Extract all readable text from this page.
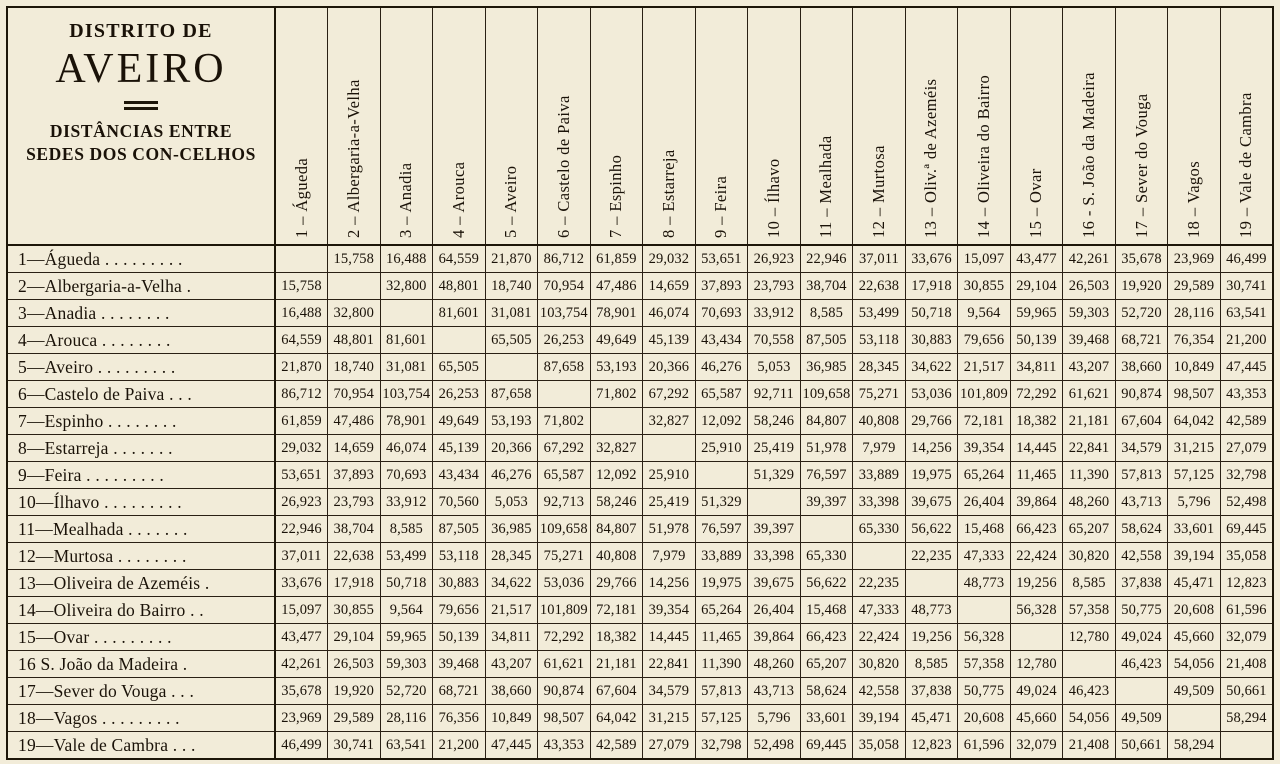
DISTRITO DE
AVEIRO
DISTÂNCIAS ENTRE SEDES DOS CON-CELHOS	1 – Águeda	2 – Albergaria-a-Velha	3 – Anadia	4 – Arouca	5 – Aveiro	6 – Castelo de Paiva	7 – Espinho	8 – Estarreja	9 – Feira	10 – Ílhavo	11 – Mealhada	12 – Murtosa	13 – Oliv.ª de Azeméis	14 – Oliveira do Bairro	15 – Ovar	16 - S. João da Madeira	17 – Sever do Vouga	18 – Vagos	19 – Vale de Cambra

1—Águeda . . . . . . . . .		15,758	16,488	64,559	21,870	86,712	61,859	29,032	53,651	26,923	22,946	37,011	33,676	15,097	43,477	42,261	35,678	23,969	46,499

2—Albergaria-a-Velha .	15,758		32,800	48,801	18,740	70,954	47,486	14,659	37,893	23,793	38,704	22,638	17,918	30,855	29,104	26,503	19,920	29,589	30,741

3—Anadia . . . . . . . .	16,488	32,800		81,601	31,081	103,754	78,901	46,074	70,693	33,912	8,585	53,499	50,718	9,564	59,965	59,303	52,720	28,116	63,541

4—Arouca . . . . . . . .	64,559	48,801	81,601		65,505	26,253	49,649	45,139	43,434	70,558	87,505	53,118	30,883	79,656	50,139	39,468	68,721	76,354	21,200

5—Aveiro . . . . . . . . .	21,870	18,740	31,081	65,505		87,658	53,193	20,366	46,276	5,053	36,985	28,345	34,622	21,517	34,811	43,207	38,660	10,849	47,445

6—Castelo de Paiva . . .	86,712	70,954	103,754	26,253	87,658		71,802	67,292	65,587	92,711	109,658	75,271	53,036	101,809	72,292	61,621	90,874	98,507	43,353

7—Espinho . . . . . . . .	61,859	47,486	78,901	49,649	53,193	71,802		32,827	12,092	58,246	84,807	40,808	29,766	72,181	18,382	21,181	67,604	64,042	42,589

8—Estarreja . . . . . . .	29,032	14,659	46,074	45,139	20,366	67,292	32,827		25,910	25,419	51,978	7,979	14,256	39,354	14,445	22,841	34,579	31,215	27,079

9—Feira . . . . . . . . .	53,651	37,893	70,693	43,434	46,276	65,587	12,092	25,910		51,329	76,597	33,889	19,975	65,264	11,465	11,390	57,813	57,125	32,798

10—Ílhavo . . . . . . . . .	26,923	23,793	33,912	70,560	5,053	92,713	58,246	25,419	51,329		39,397	33,398	39,675	26,404	39,864	48,260	43,713	5,796	52,498

11—Mealhada . . . . . . .	22,946	38,704	8,585	87,505	36,985	109,658	84,807	51,978	76,597	39,397		65,330	56,622	15,468	66,423	65,207	58,624	33,601	69,445

12—Murtosa . . . . . . . .	37,011	22,638	53,499	53,118	28,345	75,271	40,808	7,979	33,889	33,398	65,330		22,235	47,333	22,424	30,820	42,558	39,194	35,058

13—Oliveira de Azeméis .	33,676	17,918	50,718	30,883	34,622	53,036	29,766	14,256	19,975	39,675	56,622	22,235		48,773	19,256	8,585	37,838	45,471	12,823

14—Oliveira do Bairro . .	15,097	30,855	9,564	79,656	21,517	101,809	72,181	39,354	65,264	26,404	15,468	47,333	48,773		56,328	57,358	50,775	20,608	61,596

15—Ovar . . . . . . . . .	43,477	29,104	59,965	50,139	34,811	72,292	18,382	14,445	11,465	39,864	66,423	22,424	19,256	56,328		12,780	49,024	45,660	32,079

16 S. João da Madeira .	42,261	26,503	59,303	39,468	43,207	61,621	21,181	22,841	11,390	48,260	65,207	30,820	8,585	57,358	12,780		46,423	54,056	21,408

17—Sever do Vouga . . .	35,678	19,920	52,720	68,721	38,660	90,874	67,604	34,579	57,813	43,713	58,624	42,558	37,838	50,775	49,024	46,423		49,509	50,661

18—Vagos . . . . . . . . .	23,969	29,589	28,116	76,356	10,849	98,507	64,042	31,215	57,125	5,796	33,601	39,194	45,471	20,608	45,660	54,056	49,509		58,294

19—Vale de Cambra . . .	46,499	30,741	63,541	21,200	47,445	43,353	42,589	27,079	32,798	52,498	69,445	35,058	12,823	61,596	32,079	21,408	50,661	58,294	
